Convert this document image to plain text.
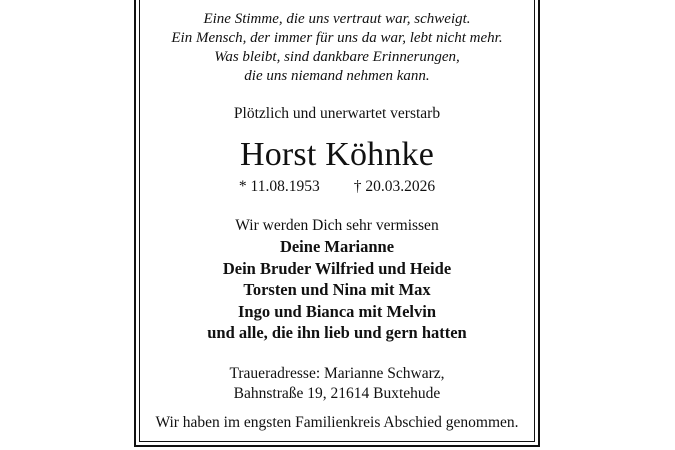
Eine Stimme, die uns vertraut war, schweigt.
Ein Mensch, der immer für uns da war, lebt nicht mehr.
Was bleibt, sind dankbare Erinnerungen,
die uns niemand nehmen kann.
Plötzlich und unerwartet verstarb
Horst Köhnke
* 11.08.1953 † 20.03.2026
Wir werden Dich sehr vermissen
Deine Marianne
Dein Bruder Wilfried und Heide
Torsten und Nina mit Max
Ingo und Bianca mit Melvin
und alle, die ihn lieb und gern hatten
Traueradresse: Marianne Schwarz,
Bahnstraße 19, 21614 Buxtehude
Wir haben im engsten Familienkreis Abschied genommen.
